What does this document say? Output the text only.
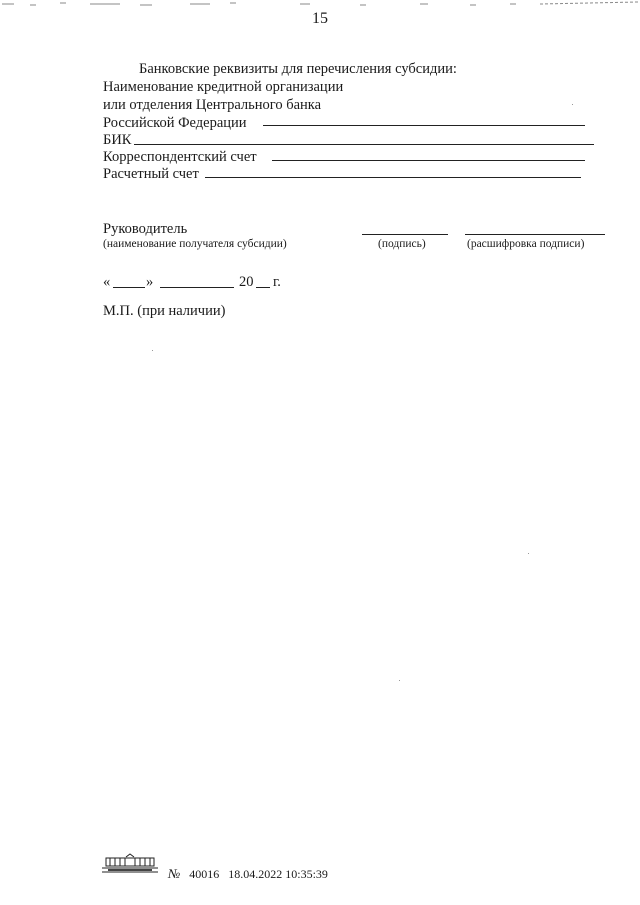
15
Банковские реквизиты для перечисления субсидии:
Наименование кредитной организации
или отделения Центрального банка
Российской Федерации
БИК
Корреспондентский счет
Расчетный счет
Руководитель
(наименование получателя субсидии)	(подпись)	(расшифровка подписи)
« »	20 г.
М.П. (при наличии)
№ 40016 18.04.2022 10:35:39
